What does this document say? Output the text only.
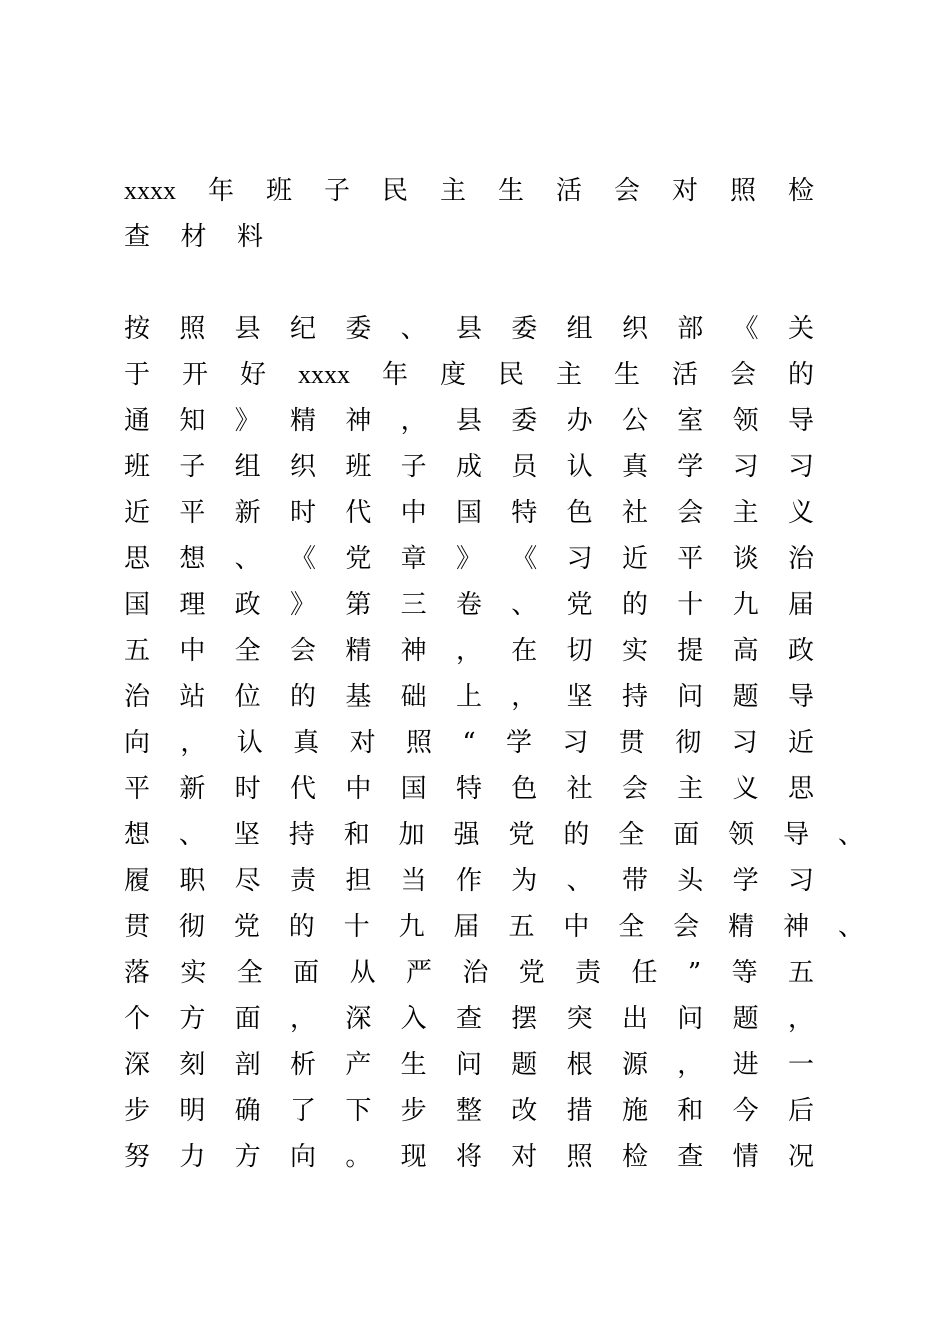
xxxx 年 班 子 民 主 生 活 会 对 照 检
查 材 料
按 照 县 纪 委 、 县 委 组 织 部 《 关
于 开 好 xxxx 年 度 民 主 生 活 会 的
通 知 》 精 神 ， 县 委 办 公 室 领 导
班 子 组 织 班 子 成 员 认 真 学 习 习
近 平 新 时 代 中 国 特 色 社 会 主 义
思 想 、 《 党 章 》 《 习 近 平 谈 治
国 理 政 》 第 三 卷 、 党 的 十 九 届
五 中 全 会 精 神 ， 在 切 实 提 高 政
治 站 位 的 基 础 上 ， 坚 持 问 题 导
向 ， 认 真 对 照 “ 学 习 贯 彻 习 近
平 新 时 代 中 国 特 色 社 会 主 义 思
想 、 坚 持 和 加 强 党 的 全 面 领 导 、
履 职 尽 责 担 当 作 为 、 带 头 学 习
贯 彻 党 的 十 九 届 五 中 全 会 精 神 、
落 实 全 面 从 严 治 党 责 任 ” 等 五
个 方 面 ， 深 入 查 摆 突 出 问 题 ，
深 刻 剖 析 产 生 问 题 根 源 ， 进 一
步 明 确 了 下 步 整 改 措 施 和 今 后
努 力 方 向 。 现 将 对 照 检 查 情 况
